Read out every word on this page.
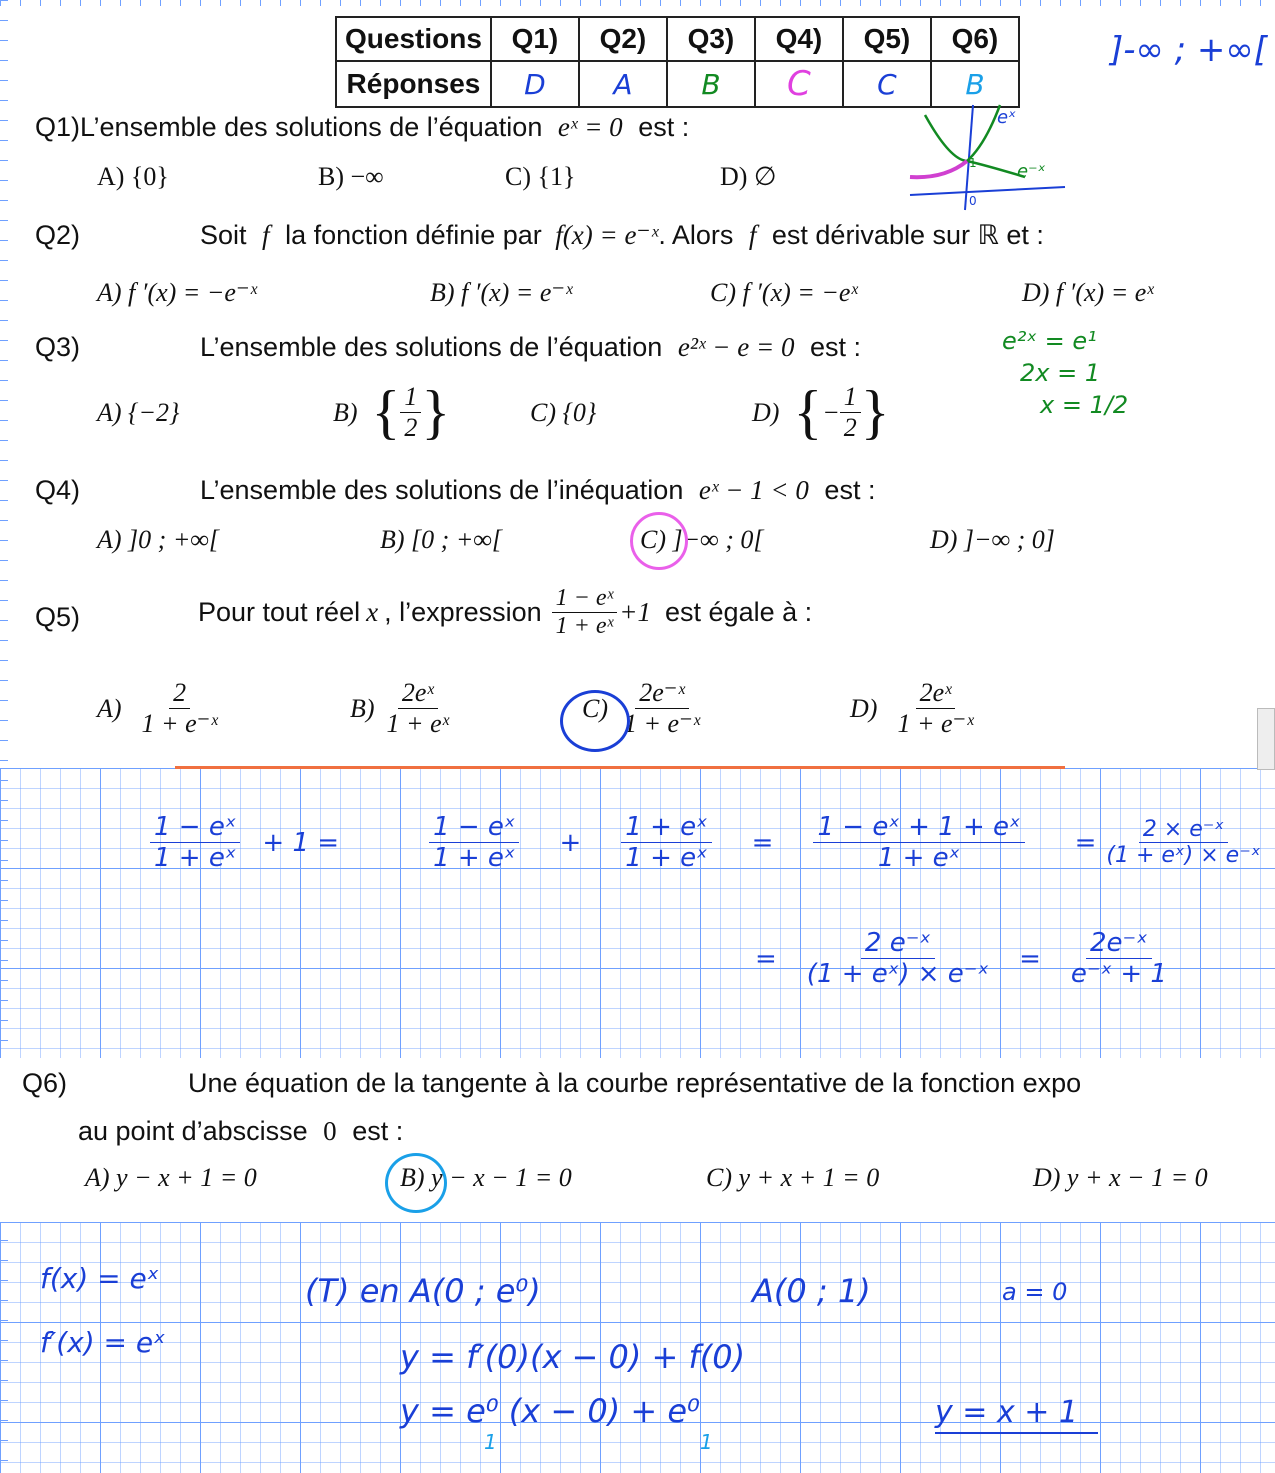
Questions	Q1)	Q2)	Q3)	Q4)	Q5)	Q6)
Réponses	D	A	B	C	C	B
]-∞ ; +∞[
Q1)L’ensemble des solutions de l’équation eˣ = 0 est :
A) {0}	B) −∞	C) {1}	D) ∅
eˣ
e⁻ˣ
1
0
Q2)	Soit f la fonction définie par f(x) = e⁻ˣ. Alors f est dérivable sur ℝ et :
A) f ′(x) = −e⁻ˣ	B) f ′(x) = e⁻ˣ	C) f ′(x) = −eˣ	D) f ′(x) = eˣ
Q3)	L’ensemble des solutions de l’équation e²ˣ − e = 0 est :
A) {−2}	B) { $\frac{1}{2}$ }	C) {0}	D) { − $\frac{1}{2}$ }
e²ˣ = e¹
2x = 1
x = 1/2
Q4)	L’ensemble des solutions de l’inéquation eˣ − 1 < 0 est :
A) ]0 ; +∞[	B) [0 ; +∞[	C) ]−∞ ; 0[	D) ]−∞ ; 0]
Q5)	Pour tout réel x , l’expression $\frac{\text{1 − eˣ}}{\text{1 + eˣ}} +1$ est égale à :
$A) \frac{2}{\text{1 + e⁻ˣ}}$	$B) \frac{\text{2eˣ}}{\text{1 + eˣ}}$	$C) \frac{\text{2e⁻ˣ}}{\text{1 + e⁻ˣ}}$	$D) \frac{\text{2eˣ}}{\text{1 + e⁻ˣ}}$
$\frac{\text{1 − eˣ}}{\text{1 + eˣ}} + 1$ =	$\frac{\text{1 − eˣ}}{\text{1 + eˣ}} + \frac{\text{1 + eˣ}}{\text{1 + eˣ}} = \frac{\text{1 − eˣ + 1 + eˣ}}{\text{1 + eˣ}} = \frac{\text{2 × e⁻ˣ}}{\text{(1 + eˣ) × e⁻ˣ}}$
= $\frac{\text{2 e⁻ˣ}}{\text{(1 + eˣ) × e⁻ˣ}} = \frac{\text{2e⁻ˣ}}{\text{e⁻ˣ + 1}}$
Q6)	Une équation de la tangente à la courbe représentative de la fonction expo
au point d’abscisse 0 est :
A) y − x + 1 = 0	B) y − x − 1 = 0	C) y + x + 1 = 0	D) y + x − 1 = 0
f(x) = eˣ
f′(x) = eˣ
(T) en A(0 ; e⁰)	A(0 ; 1)	a = 0
y = f′(0)(x − 0) + f(0)
y = e⁰ (x − 0) + e⁰
1	1
y = x + 1
